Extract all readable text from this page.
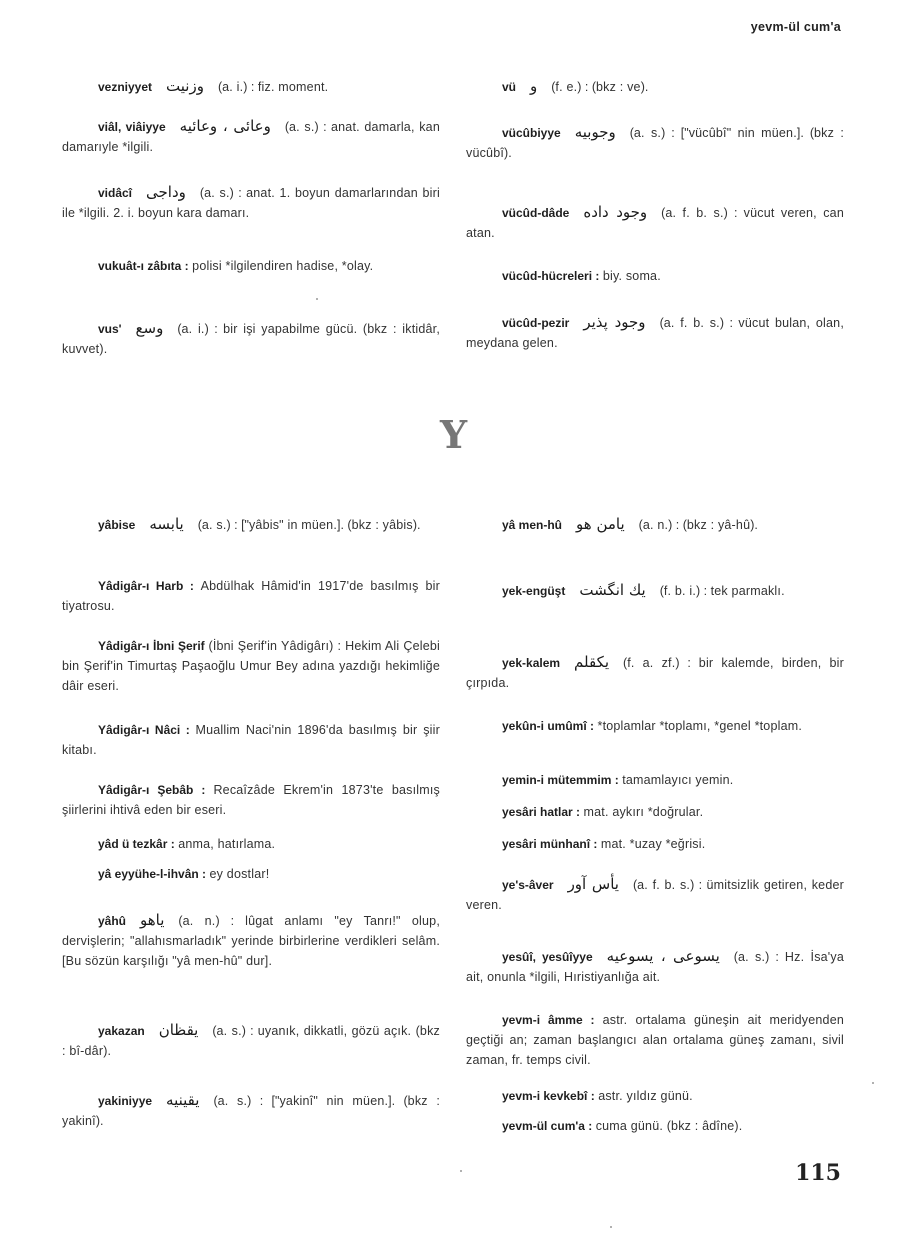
yevm-ül cum'a
vezniyyet وزنيت (a. i.) : fiz. moment.
viâl, viâiyye وعائى ، وعائيه (a. s.) : anat. damarla, kan damarıyle *ilgili.
vidâcî وداجى (a. s.) : anat. 1. boyun damarlarından biri ile *ilgili. 2. i. boyun kara damarı.
vukuât-ı zâbıta : polisi *ilgilendiren hadise, *olay.
vus' وسع (a. i.) : bir işi yapabilme gücü. (bkz : iktidâr, kuvvet).
vü و (f. e.) : (bkz : ve).
vücûbiyye وجوبيه (a. s.) : ["vücûbî" nin müen.]. (bkz : vücûbî).
vücûd-dâde وجود داده (a. f. b. s.) : vücut veren, can atan.
vücûd-hücreleri : biy. soma.
vücûd-pezir وجود پذير (a. f. b. s.) : vücut bulan, olan, meydana gelen.
Y
yâbise يابسه (a. s.) : ["yâbis" in müen.]. (bkz : yâbis).
Yâdigâr-ı Harb : Abdülhak Hâmid'in 1917'de basılmış bir tiyatrosu.
Yâdigâr-ı İbni Şerif (İbni Şerif'in Yâdigârı) : Hekim Ali Çelebi bin Şerif'in Timurtaş Paşaoğlu Umur Bey adına yazdığı hekimliğe dâir eseri.
Yâdigâr-ı Nâci : Muallim Naci'nin 1896'da basılmış bir şiir kitabı.
Yâdigâr-ı Şebâb : Recaîzâde Ekrem'in 1873'te basılmış şiirlerini ihtivâ eden bir eseri.
yâd ü tezkâr : anma, hatırlama.
yâ eyyühe-l-ihvân : ey dostlar!
yâhû ياهو (a. n.) : lûgat anlamı "ey Tanrı!" olup, dervişlerin; "allahısmarladık" yerinde birbirlerine verdikleri selâm. [Bu sözün karşılığı "yâ men-hû" dur].
yakazan يقظان (a. s.) : uyanık, dikkatli, gözü açık. (bkz : bî-dâr).
yakiniyye يقينيه (a. s.) : ["yakinî" nin müen.]. (bkz : yakinî).
yâ men-hû يامن هو (a. n.) : (bkz : yâ-hû).
yek-engüşt يك انگشت (f. b. i.) : tek parmaklı.
yek-kalem يكقلم (f. a. zf.) : bir kalemde, birden, bir çırpıda.
yekûn-i umûmî : *toplamlar *toplamı, *genel *toplam.
yemin-i mütemmim : tamamlayıcı yemin.
yesâri hatlar : mat. aykırı *doğrular.
yesâri münhanî : mat. *uzay *eğrisi.
ye's-âver يأس آور (a. f. b. s.) : ümitsizlik getiren, keder veren.
yesûî, yesûîyye يسوعى ، يسوعيه (a. s.) : Hz. İsa'ya ait, onunla *ilgili, Hıristiyanlığa ait.
yevm-i âmme : astr. ortalama güneşin ait meridyenden geçtiği an; zaman başlangıcı alan ortalama güneş zamanı, sivil zaman, fr. temps civil.
yevm-i kevkebî : astr. yıldız günü.
yevm-ül cum'a : cuma günü. (bkz : âdîne).
115
